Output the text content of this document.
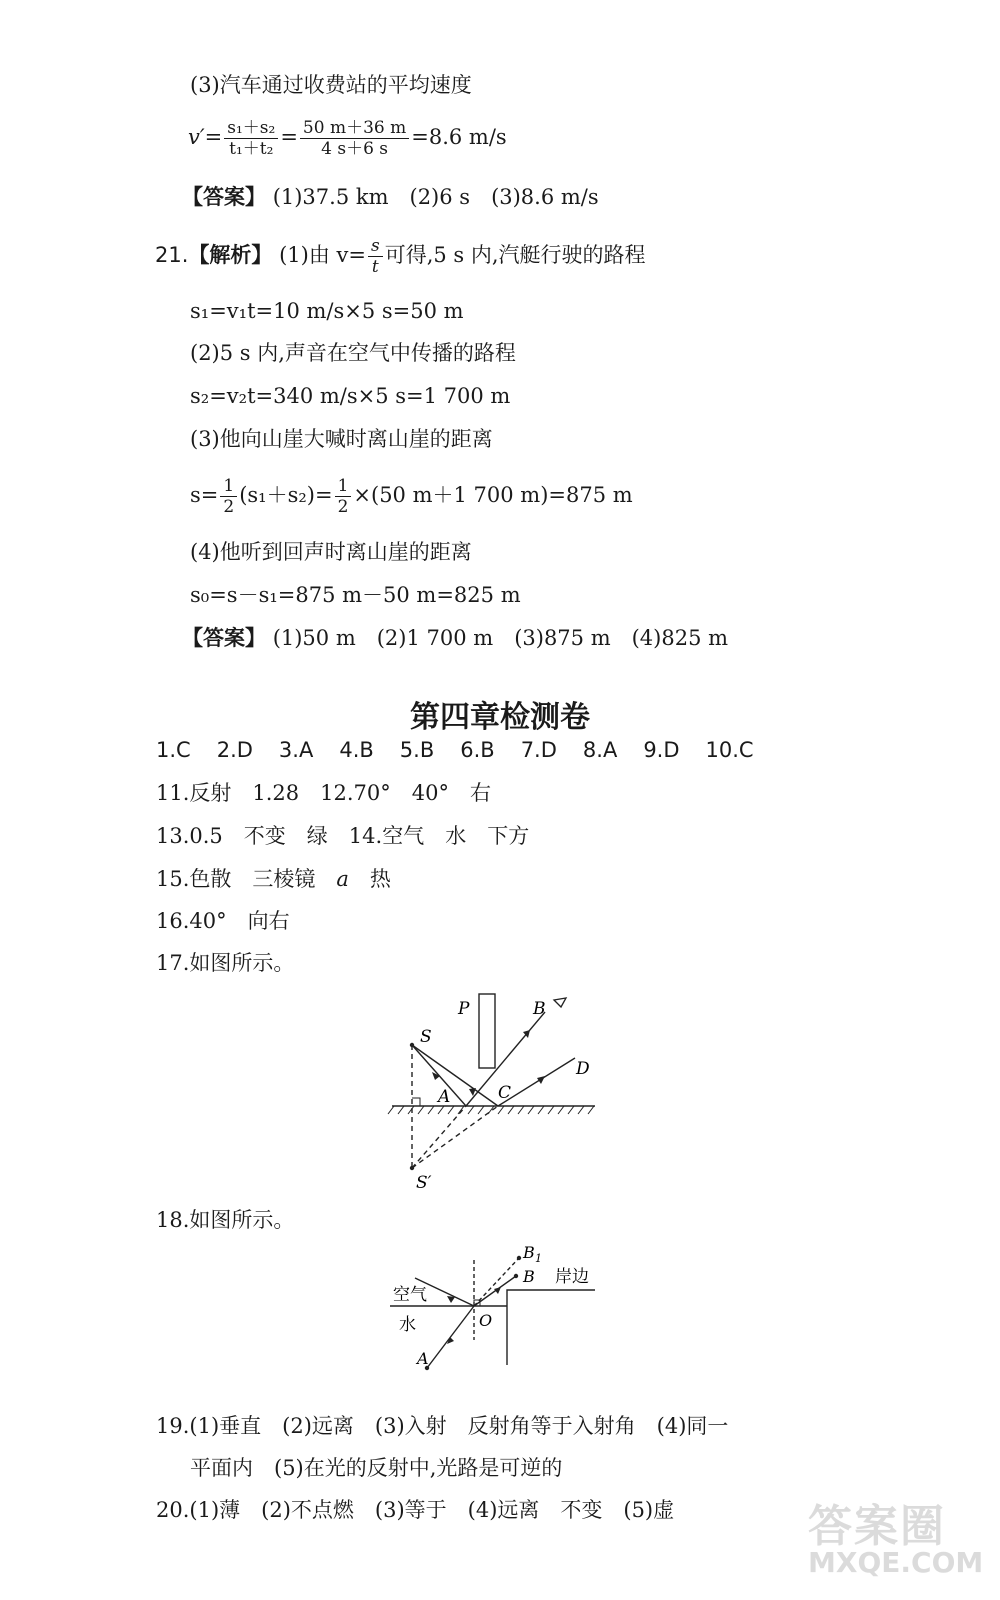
(3)汽车通过收费站的平均速度
$v'= \frac{\text{s₁＋s₂}}{\text{t₁＋t₂}} = \frac{50 m+36 m}{4 s+6 s} =8.6$ m/s
【答案】 (1)37.5 km　(2)6 s　(3)8.6 m/s
21.【解析】 (1)由 $v= \frac{s}{t}$ 可得,5 s 内,汽艇行驶的路程
s₁=v₁t=10 m/s×5 s=50 m
(2)5 s 内,声音在空气中传播的路程
s₂=v₂t=340 m/s×5 s=1 700 m
(3)他向山崖大喊时离山崖的距离
$s= \frac{1}{2} (s_1+s_2)= \frac{1}{2} \times(50$ m＋1 700 m)=875 m
(4)他听到回声时离山崖的距离
s₀=s－s₁=875 m－50 m=825 m
【答案】 (1)50 m　(2)1 700 m　(3)875 m　(4)825 m
第四章检测卷
1.C 2.D 3.A 4.B 5.B 6.B 7.D 8.A 9.D 10.C
11.反射　1.28　12.70°　40°　右
13.0.5　不变　绿　14.空气　水　下方
15.色散　三棱镜　a　热
16.40°　向右
17.如图所示。
P	B
S
A	C
D
S′
18.如图所示。
B 1
B 岸边
空气
水	O
A
19.(1)垂直　(2)远离　(3)入射　反射角等于入射角　(4)同一
平面内　(5)在光的反射中,光路是可逆的
20.(1)薄　(2)不点燃　(3)等于　(4)远离　不变　(5)虚	答案圈
MXQE.COM
